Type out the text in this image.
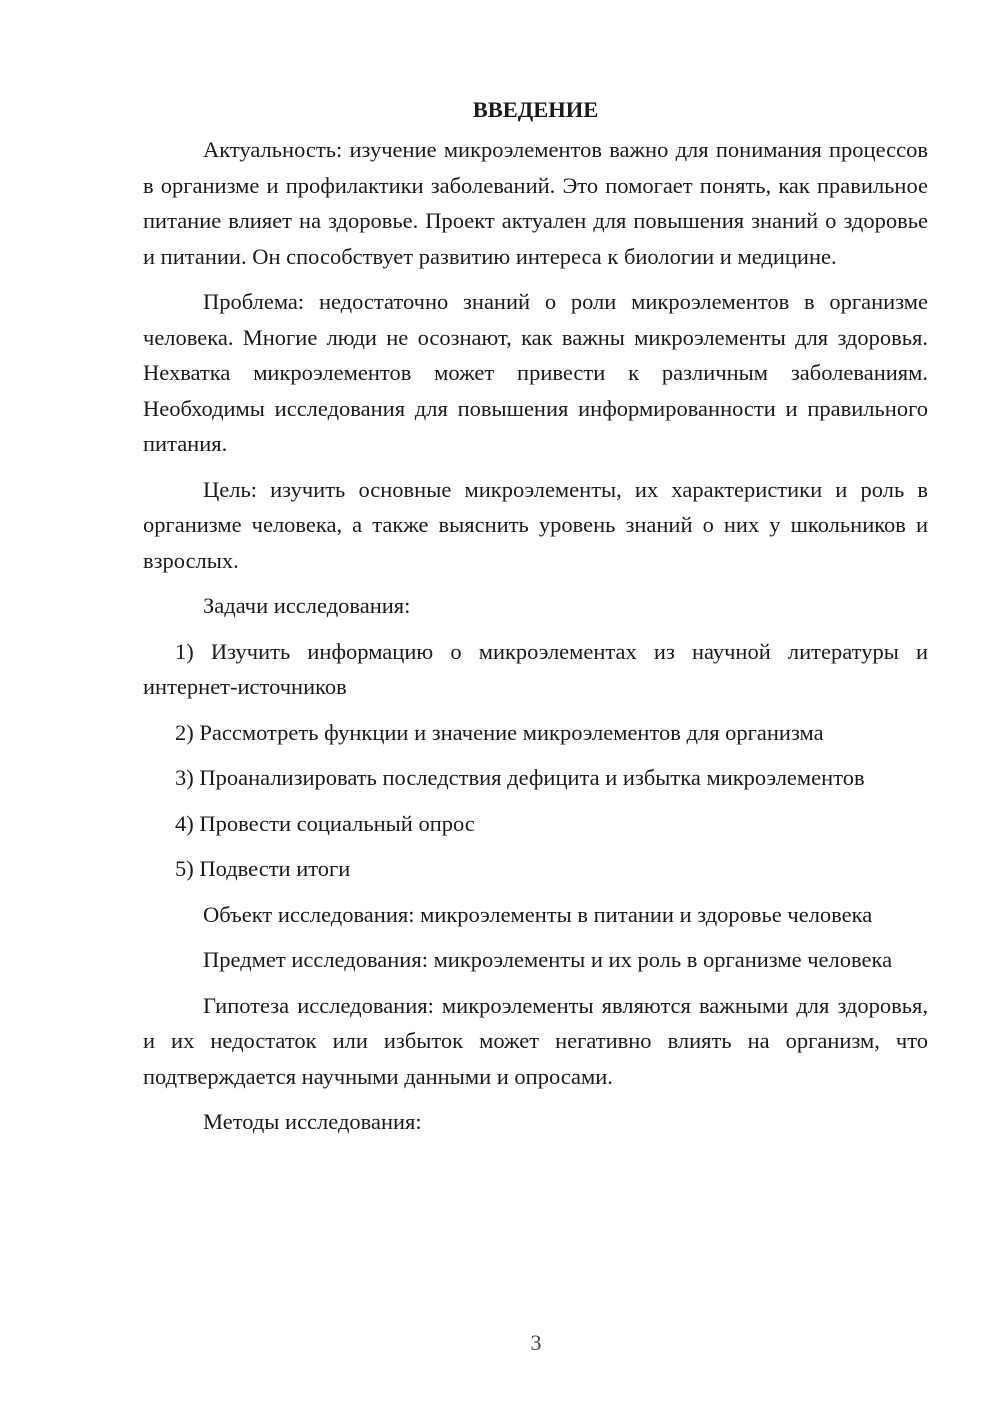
ВВЕДЕНИЕ

Актуальность: изучение микроэлементов важно для понимания процессов в организме и профилактики заболеваний. Это помогает понять, как правильное питание влияет на здоровье. Проект актуален для повышения знаний о здоровье и питании. Он способствует развитию интереса к биологии и медицине.

Проблема: недостаточно знаний о роли микроэлементов в организме человека. Многие люди не осознают, как важны микроэлементы для здоровья. Нехватка микроэлементов может привести к различным заболеваниям. Необходимы исследования для повышения информированности и правильного питания.

Цель: изучить основные микроэлементы, их характеристики и роль в организме человека, а также выяснить уровень знаний о них у школьников и взрослых.

Задачи исследования:

1) Изучить информацию о микроэлементах из научной литературы и интернет-источников

2) Рассмотреть функции и значение микроэлементов для организма

3) Проанализировать последствия дефицита и избытка микроэлементов

4) Провести социальный опрос

5) Подвести итоги

Объект исследования: микроэлементы в питании и здоровье человека

Предмет исследования: микроэлементы и их роль в организме человека

Гипотеза исследования: микроэлементы являются важными для здоровья, и их недостаток или избыток может негативно влиять на организм, что подтверждается научными данными и опросами.

Методы исследования:

3
